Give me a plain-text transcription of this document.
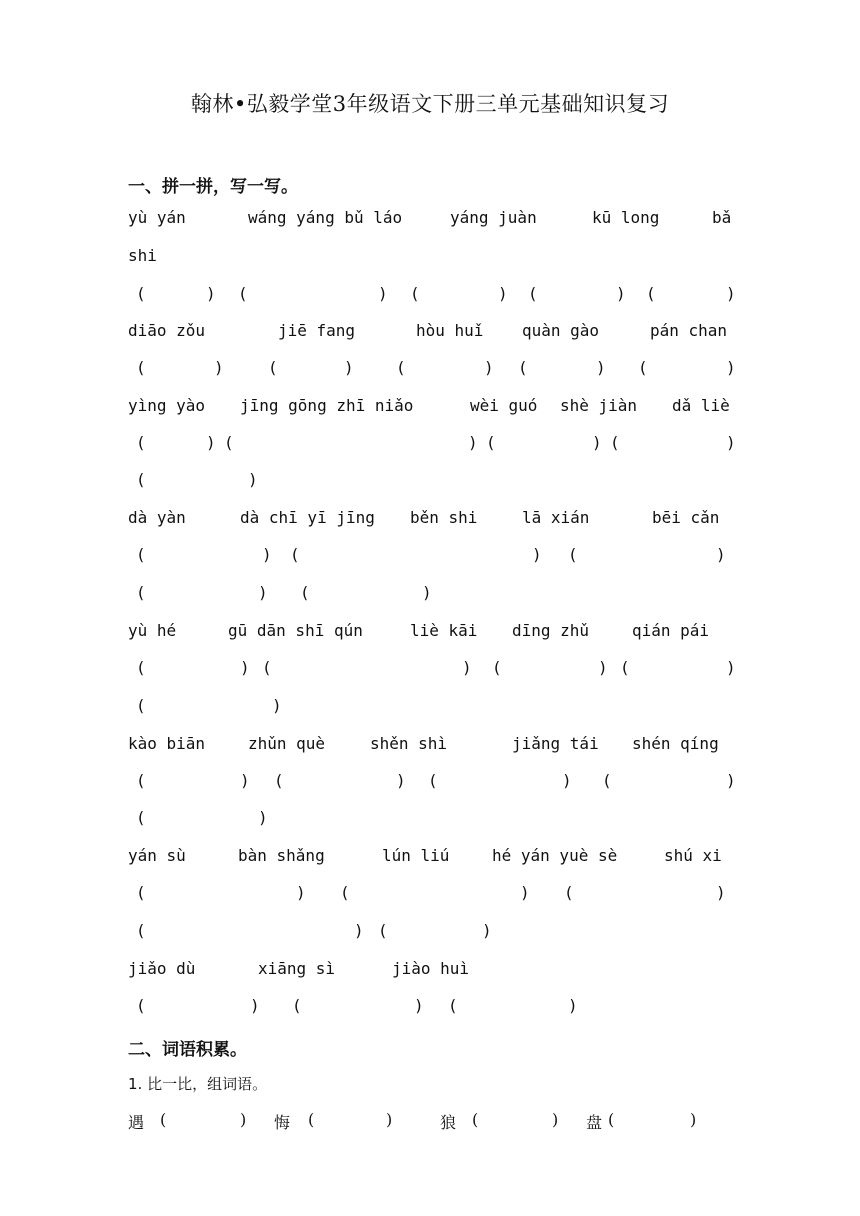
翰林•弘毅学堂3年级语文下册三单元基础知识复习
一、拼一拼，写一写。

yù yán

	wáng yáng bǔ láo

	yáng juàn

	kū long

	bǎ

shi

(

	)

(

	)

(

	)

(

	)

(

	)

diāo zǒu

	jiē fang

	hòu huǐ

quàn gào

	pán chan

(

	)

	(

	)

	(

	)

(

	)

(

	)

yìng yào

jīng gōng zhī niǎo

	wèi guó

shè jiàn

dǎ liè

(

	)

(

	)

(

	)

(

	)

(

	)

dà yàn

	dà chī yī jīng

běn shi

	lā xián

	bēi cǎn

(

	)

(

	)

(

	)

(

	)

(

	)

yù hé

	gū dān shī qún

	liè kāi

dīng zhǔ

	qián pái

(

	)

(

	)

(

	)

(

	)

(

	)

kào biān

	zhǔn què

	shěn shì

	jiǎng tái

shén qíng

(

	)

(

	)

(

	)

(

	)

(

	)

yán sù

	bàn shǎng

	lún liú

	hé yán yuè sè

	shú xi

(

	)

(

	)

(

	)

(

	)

(

	)

jiǎo dù

	xiāng sì

	jiào huì

(

	)

(

	)

(

	)

二、词语积累。
1. 比一比，组词语。
遇 (	) 悔 (	)	狼 (	) 盘 (	)
